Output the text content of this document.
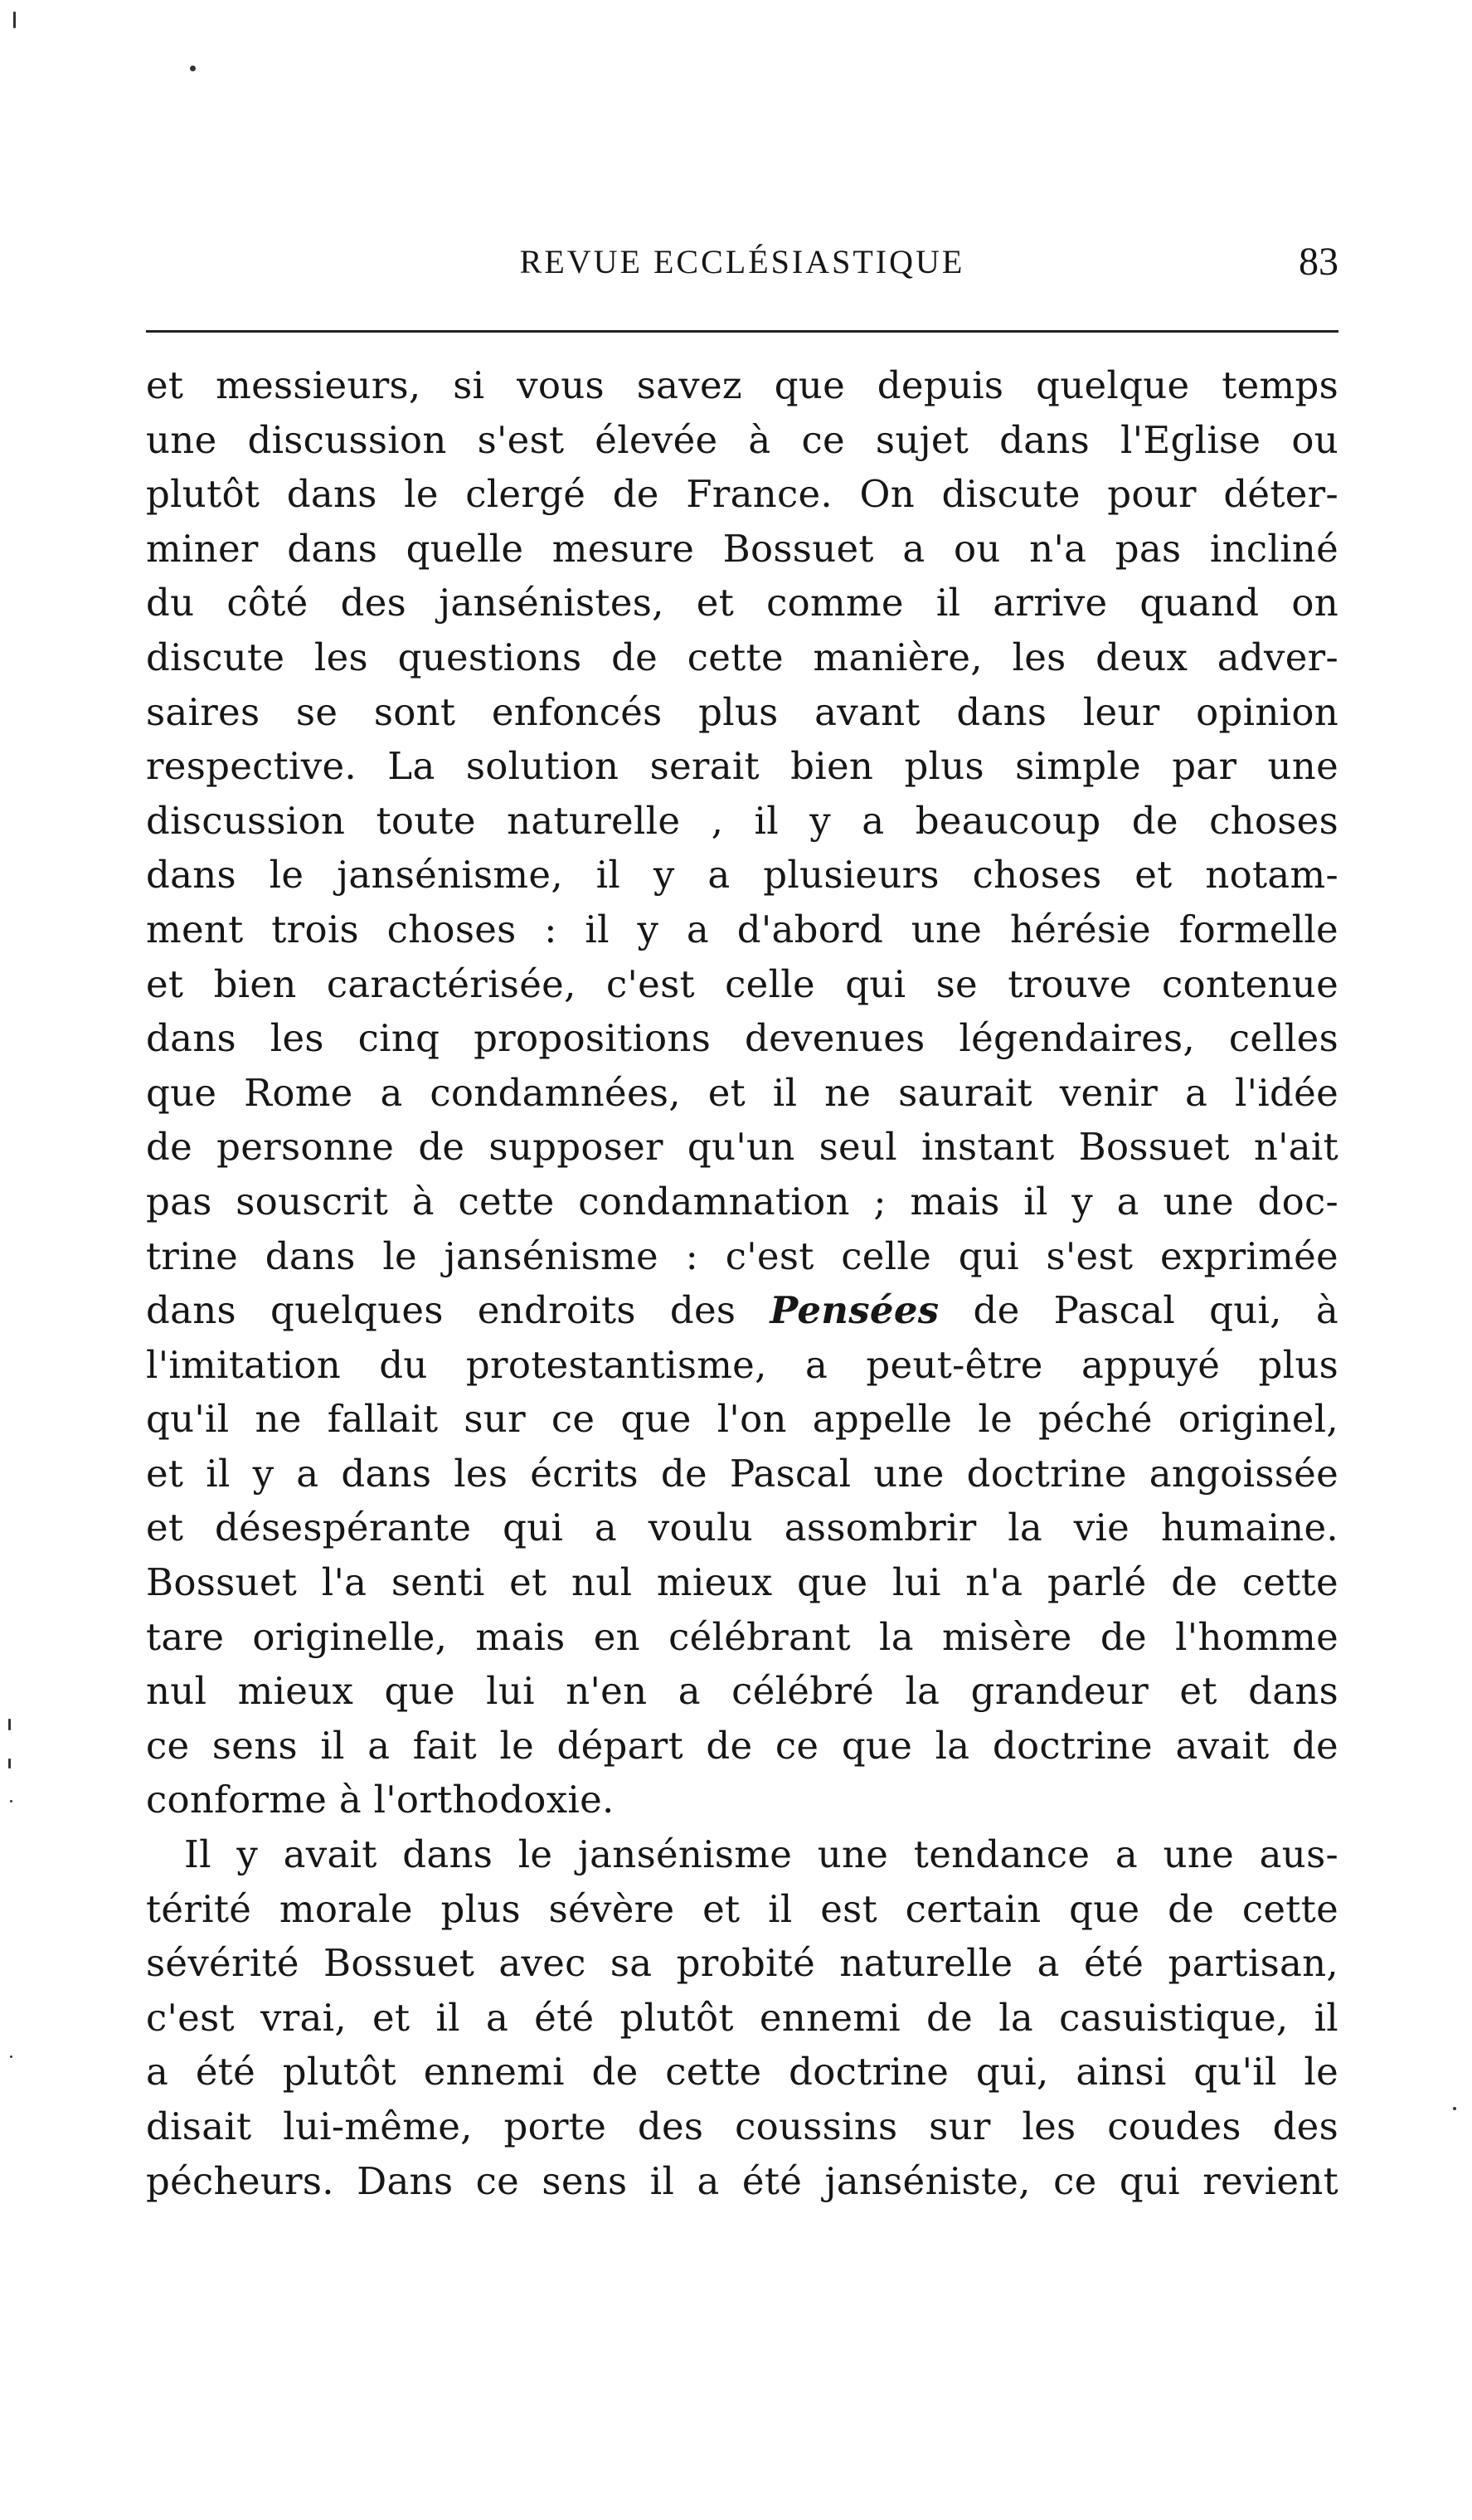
REVUE ECCLÉSIASTIQUE	83
et messieurs, si vous savez que depuis quelque temps
une discussion s'est élevée à ce sujet dans l'Eglise ou
plutôt dans le clergé de France. On discute pour déter-
miner dans quelle mesure Bossuet a ou n'a pas incliné
du côté des jansénistes, et comme il arrive quand on
discute les questions de cette manière, les deux adver-
saires se sont enfoncés plus avant dans leur opinion
respective. La solution serait bien plus simple par une
discussion toute naturelle , il y a beaucoup de choses
dans le jansénisme, il y a plusieurs choses et notam-
ment trois choses : il y a d'abord une hérésie formelle
et bien caractérisée, c'est celle qui se trouve contenue
dans les cinq propositions devenues légendaires, celles
que Rome a condamnées, et il ne saurait venir a l'idée
de personne de supposer qu'un seul instant Bossuet n'ait
pas souscrit à cette condamnation ; mais il y a une doc-
trine dans le jansénisme : c'est celle qui s'est exprimée
dans quelques endroits des Pensées de Pascal qui, à
l'imitation du protestantisme, a peut-être appuyé plus
qu'il ne fallait sur ce que l'on appelle le péché originel,
et il y a dans les écrits de Pascal une doctrine angoissée
et désespérante qui a voulu assombrir la vie humaine.
Bossuet l'a senti et nul mieux que lui n'a parlé de cette
tare originelle, mais en célébrant la misère de l'homme
nul mieux que lui n'en a célébré la grandeur et dans
ce sens il a fait le départ de ce que la doctrine avait de
conforme à l'orthodoxie.
Il y avait dans le jansénisme une tendance a une aus-
térité morale plus sévère et il est certain que de cette
sévérité Bossuet avec sa probité naturelle a été partisan,
c'est vrai, et il a été plutôt ennemi de la casuistique, il
a été plutôt ennemi de cette doctrine qui, ainsi qu'il le
disait lui-même, porte des coussins sur les coudes des
pécheurs. Dans ce sens il a été janséniste, ce qui revient
